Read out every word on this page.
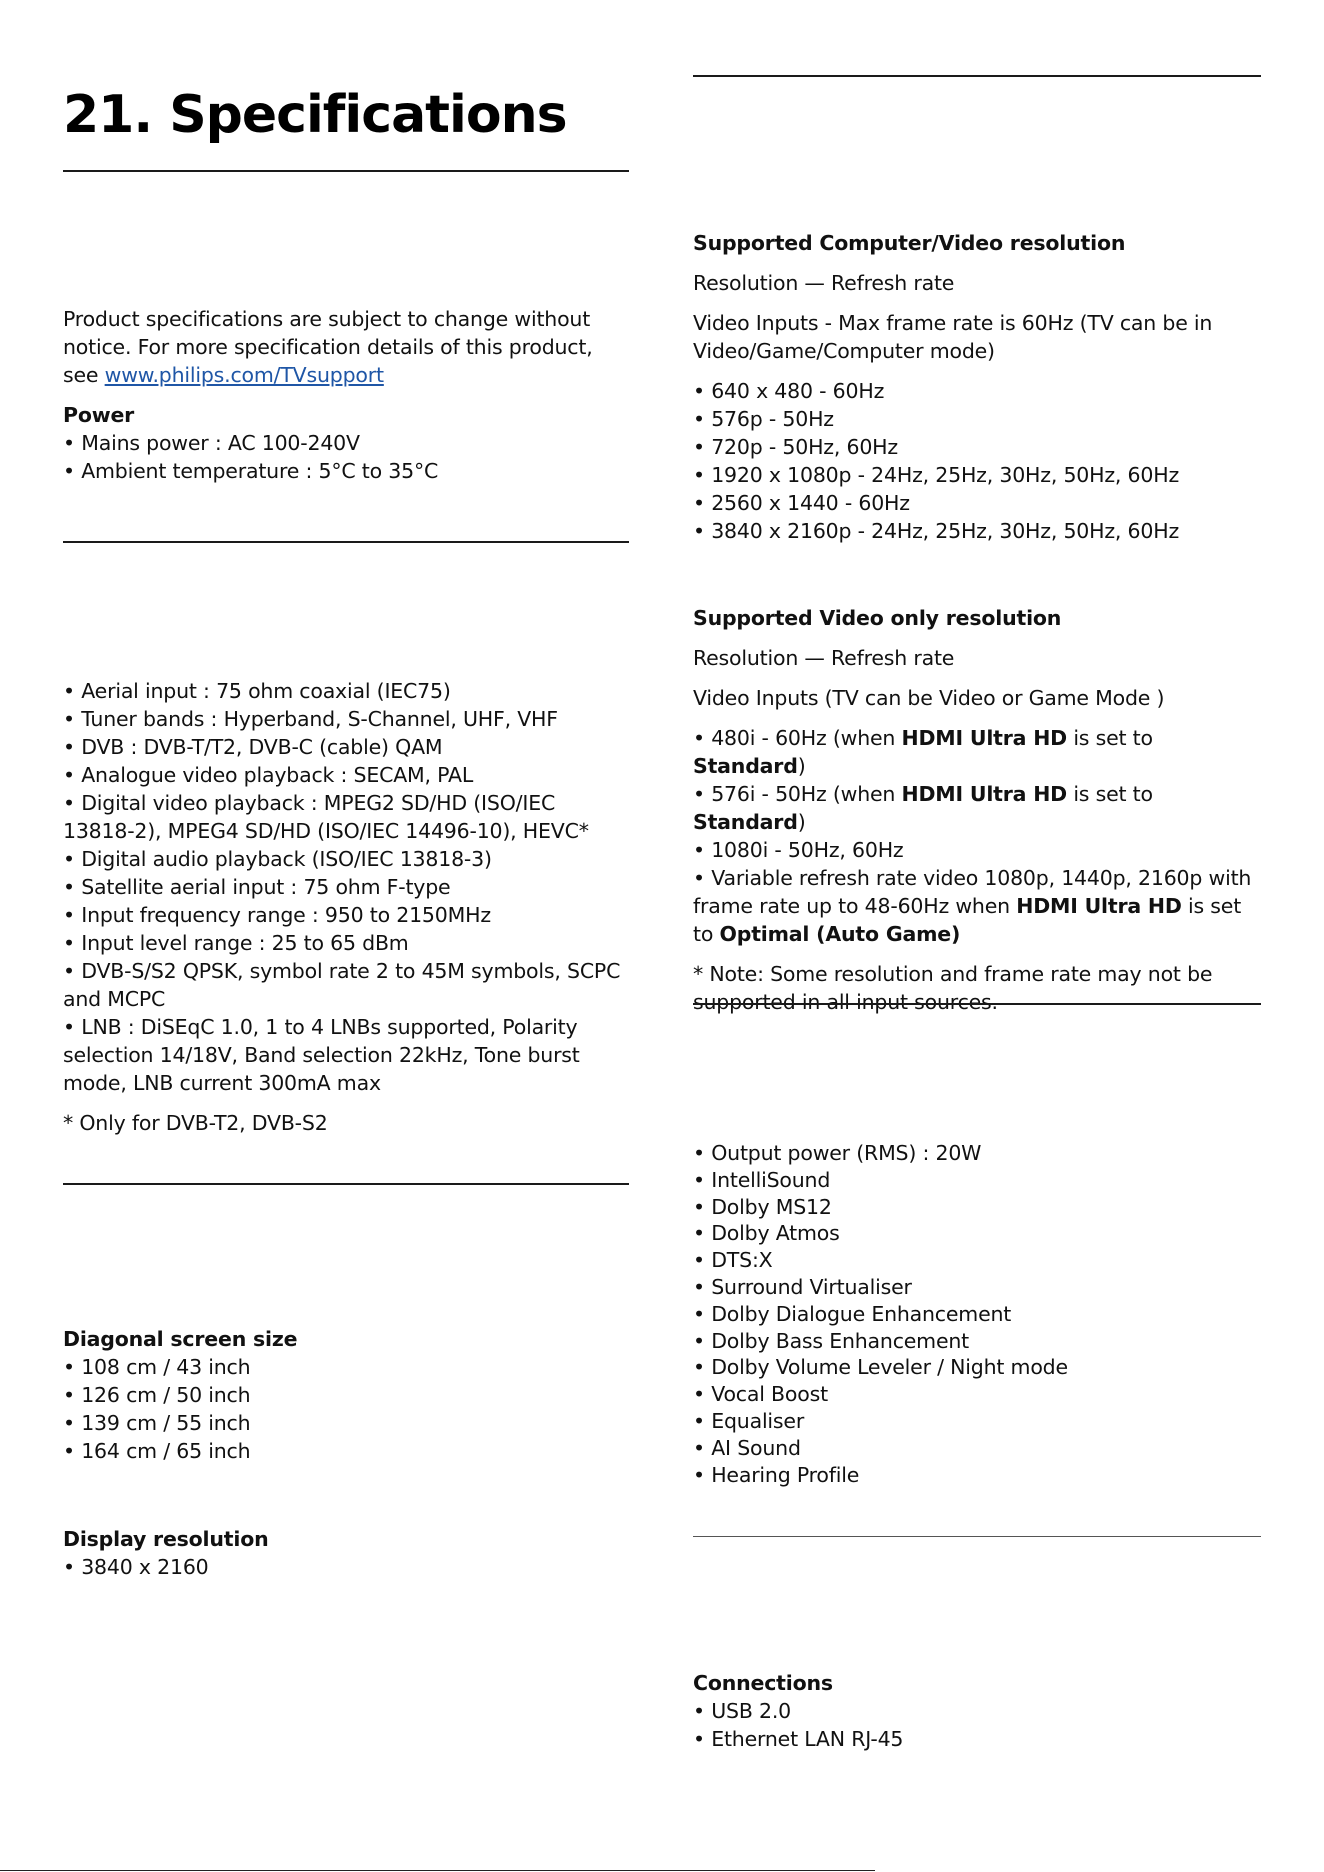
21. Specifications

Product specifications are subject to change without notice. For more specification details of this product, see www.philips.com/TVsupport

Power

• Mains power : AC 100-240V
• Ambient temperature : 5°C to 35°C
• Aerial input : 75 ohm coaxial (IEC75)
• Tuner bands : Hyperband, S-Channel, UHF, VHF
• DVB : DVB-T/T2, DVB-C (cable) QAM
• Analogue video playback : SECAM, PAL
• Digital video playback : MPEG2 SD/HD (ISO/IEC 13818-2), MPEG4 SD/HD (ISO/IEC 14496-10), HEVC*
• Digital audio playback (ISO/IEC 13818-3)
• Satellite aerial input : 75 ohm F-type
• Input frequency range : 950 to 2150MHz
• Input level range : 25 to 65 dBm
• DVB-S/S2 QPSK, symbol rate 2 to 45M symbols, SCPC and MCPC
• LNB : DiSEqC 1.0, 1 to 4 LNBs supported, Polarity selection 14/18V, Band selection 22kHz, Tone burst mode, LNB current 300mA max

* Only for DVB-T2, DVB-S2

Diagonal screen size

• 108 cm / 43 inch
• 126 cm / 50 inch
• 139 cm / 55 inch
• 164 cm / 65 inch

Display resolution

• 3840 x 2160

Supported Computer/Video resolution

Resolution — Refresh rate

Video Inputs - Max frame rate is 60Hz (TV can be in Video/Game/Computer mode)

• 640 x 480 - 60Hz
• 576p - 50Hz
• 720p - 50Hz, 60Hz
• 1920 x 1080p - 24Hz, 25Hz, 30Hz, 50Hz, 60Hz
• 2560 x 1440 - 60Hz
• 3840 x 2160p - 24Hz, 25Hz, 30Hz, 50Hz, 60Hz

Supported Video only resolution

Resolution — Refresh rate

Video Inputs (TV can be Video or Game Mode )

• 480i - 60Hz (when HDMI Ultra HD is set to Standard)
• 576i - 50Hz (when HDMI Ultra HD is set to Standard)
• 1080i - 50Hz, 60Hz
• Variable refresh rate video 1080p, 1440p, 2160p with frame rate up to 48-60Hz when HDMI Ultra HD is set to Optimal (Auto Game)

* Note: Some resolution and frame rate may not be supported in all input sources.

• Output power (RMS) : 20W
• IntelliSound
• Dolby MS12
• Dolby Atmos
• DTS:X
• Surround Virtualiser
• Dolby Dialogue Enhancement
• Dolby Bass Enhancement
• Dolby Volume Leveler / Night mode
• Vocal Boost
• Equaliser
• AI Sound
• Hearing Profile

Connections

• USB 2.0
• Ethernet LAN RJ-45
